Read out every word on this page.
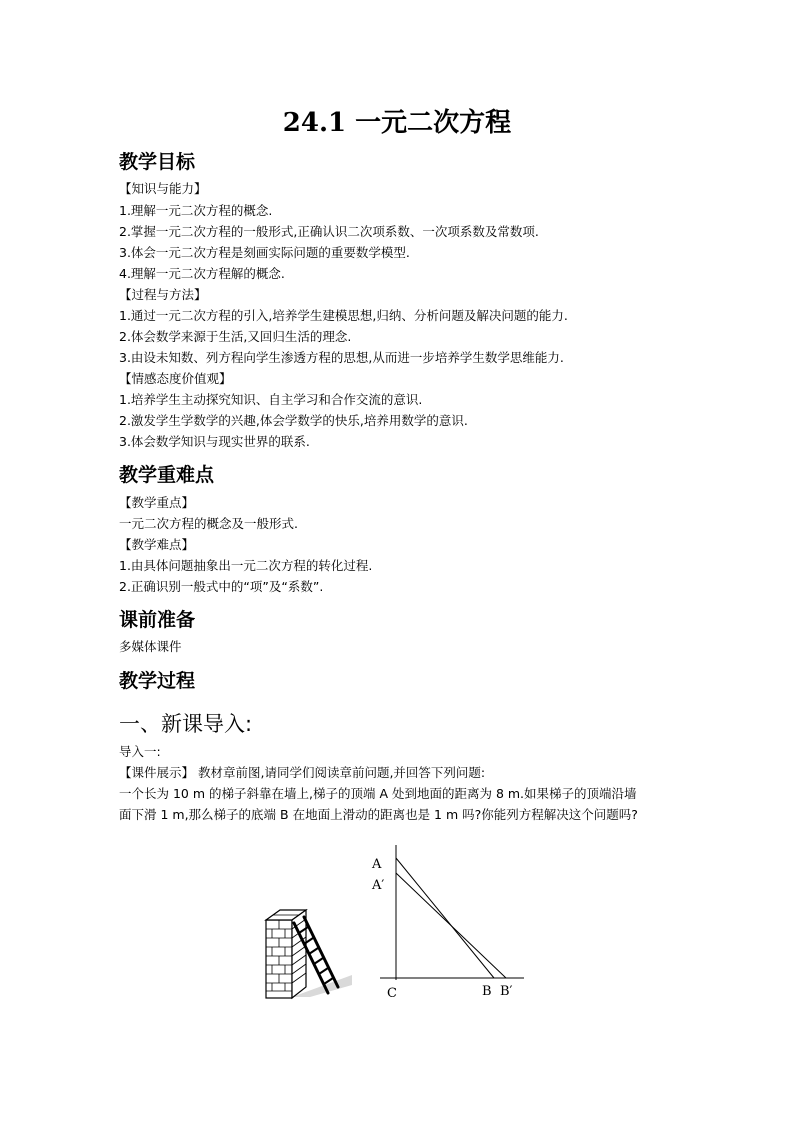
24.1 一元二次方程
教学目标
【知识与能力】
1.理解一元二次方程的概念.
2.掌握一元二次方程的一般形式,正确认识二次项系数、一次项系数及常数项.
3.体会一元二次方程是刻画实际问题的重要数学模型.
4.理解一元二次方程解的概念.
【过程与方法】
1.通过一元二次方程的引入,培养学生建模思想,归纳、分析问题及解决问题的能力.
2.体会数学来源于生活,又回归生活的理念.
3.由设未知数、列方程向学生渗透方程的思想,从而进一步培养学生数学思维能力.
【情感态度价值观】
1.培养学生主动探究知识、自主学习和合作交流的意识.
2.激发学生学数学的兴趣,体会学数学的快乐,培养用数学的意识.
3.体会数学知识与现实世界的联系.
教学重难点
【教学重点】
一元二次方程的概念及一般形式.
【教学难点】
1.由具体问题抽象出一元二次方程的转化过程.
2.正确识别一般式中的“项”及“系数”.
课前准备
多媒体课件
教学过程
一、新课导入:
导入一:
【课件展示】 教材章前图,请同学们阅读章前问题,并回答下列问题:
一个长为 10 m 的梯子斜靠在墙上,梯子的顶端 A 处到地面的距离为 8 m.如果梯子的顶端沿墙
面下滑 1 m,那么梯子的底端 B 在地面上滑动的距离也是 1 m 吗?你能列方程解决这个问题吗?
A
A′
C	B B′
